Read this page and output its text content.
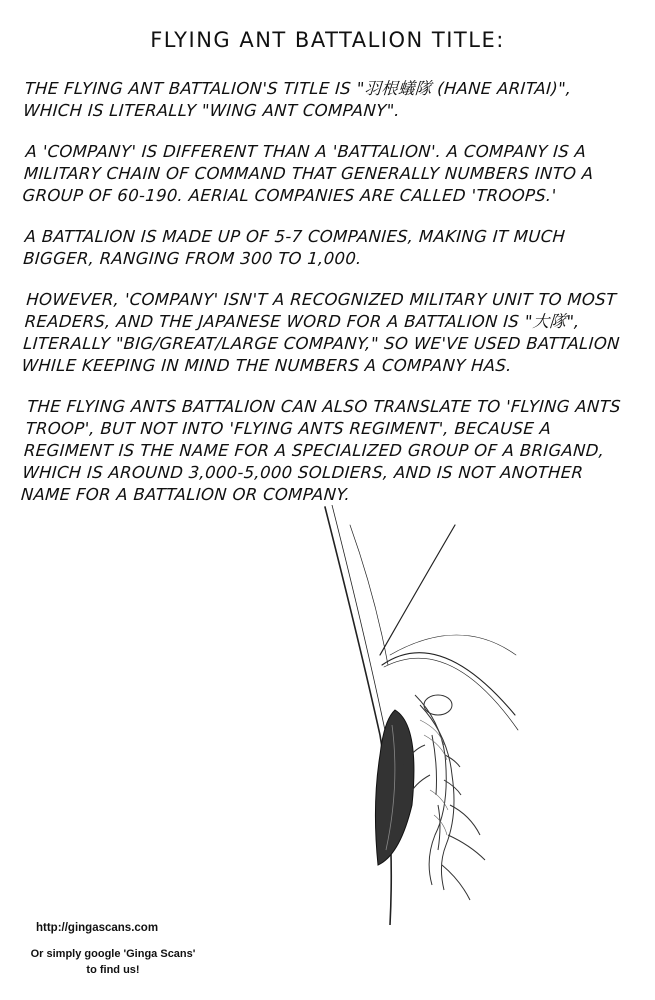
FLYING ANT BATTALION TITLE:

THE FLYING ANT BATTALION'S TITLE IS "羽根蟻隊 (HANE ARITAI)", WHICH IS LITERALLY "WING ANT COMPANY".

A 'COMPANY' IS DIFFERENT THAN A 'BATTALION'. A COMPANY IS A MILITARY CHAIN OF COMMAND THAT GENERALLY NUMBERS INTO A GROUP OF 60-190. AERIAL COMPANIES ARE CALLED 'TROOPS.'

A BATTALION IS MADE UP OF 5-7 COMPANIES, MAKING IT MUCH BIGGER, RANGING FROM 300 TO 1,000.

HOWEVER, 'COMPANY' ISN'T A RECOGNIZED MILITARY UNIT TO MOST READERS, AND THE JAPANESE WORD FOR A BATTALION IS "大隊", LITERALLY "BIG/GREAT/LARGE COMPANY," SO WE'VE USED BATTALION WHILE KEEPING IN MIND THE NUMBERS A COMPANY HAS.

THE FLYING ANTS BATTALION CAN ALSO TRANSLATE TO 'FLYING ANTS TROOP', BUT NOT INTO 'FLYING ANTS REGIMENT', BECAUSE A REGIMENT IS THE NAME FOR A SPECIALIZED GROUP OF A BRIGAND, WHICH IS AROUND 3,000-5,000 SOLDIERS, AND IS NOT ANOTHER NAME FOR A BATTALION OR COMPANY.

http://gingascans.com
Or simply google 'Ginga Scans' to find us!
